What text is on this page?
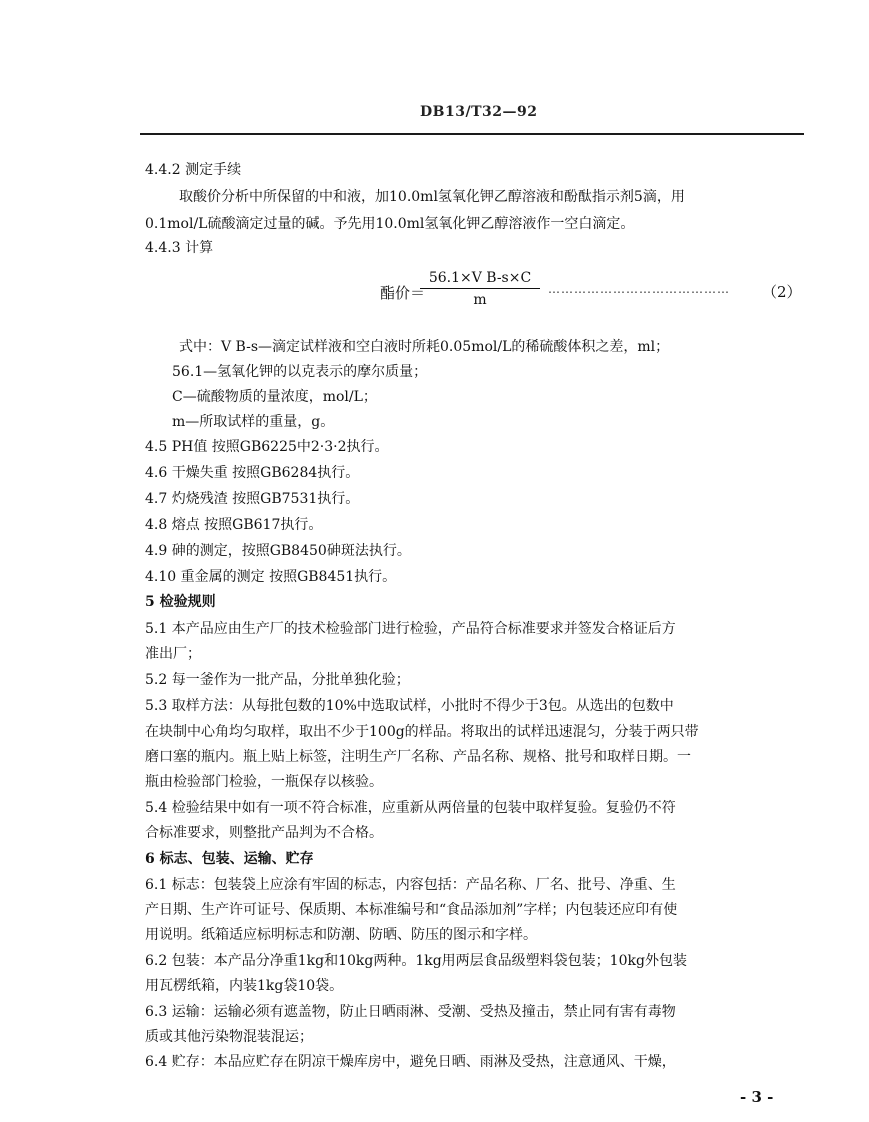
DB13/T32—92
4.4.2 测定手续
取酸价分析中所保留的中和液，加10.0ml氢氧化钾乙醇溶液和酚酞指示剂5滴，用
0.1mol/L硫酸滴定过量的碱。予先用10.0ml氢氧化钾乙醇溶液作一空白滴定。
4.4.3 计算
酯价＝
$\frac{\text{56.1×V B-s×C}}{m}$ ……………………………………	（2）
式中：V B-s—滴定试样液和空白液时所耗0.05mol/L的稀硫酸体积之差，ml；
56.1—氢氧化钾的以克表示的摩尔质量；
C—硫酸物质的量浓度，mol/L；
m—所取试样的重量，g。
4.5 PH值 按照GB6225中2·3·2执行。
4.6 干燥失重 按照GB6284执行。
4.7 灼烧残渣 按照GB7531执行。
4.8 熔点 按照GB617执行。
4.9 砷的测定，按照GB8450砷斑法执行。
4.10 重金属的测定 按照GB8451执行。
5 检验规则
5.1 本产品应由生产厂的技术检验部门进行检验，产品符合标准要求并签发合格证后方
准出厂；
5.2 每一釜作为一批产品，分批单独化验；
5.3 取样方法：从每批包数的10%中选取试样，小批时不得少于3包。从选出的包数中
在块制中心角均匀取样，取出不少于100g的样品。将取出的试样迅速混匀，分装于两只带
磨口塞的瓶内。瓶上贴上标签，注明生产厂名称、产品名称、规格、批号和取样日期。一
瓶由检验部门检验，一瓶保存以核验。
5.4 检验结果中如有一项不符合标准，应重新从两倍量的包装中取样复验。复验仍不符
合标准要求，则整批产品判为不合格。
6 标志、包装、运输、贮存
6.1 标志：包装袋上应涂有牢固的标志，内容包括：产品名称、厂名、批号、净重、生
产日期、生产许可证号、保质期、本标准编号和“食品添加剂”字样；内包装还应印有使
用说明。纸箱适应标明标志和防潮、防晒、防压的图示和字样。
6.2 包装：本产品分净重1kg和10kg两种。1kg用两层食品级塑料袋包装；10kg外包装
用瓦楞纸箱，内装1kg袋10袋。
6.3 运输：运输必须有遮盖物，防止日晒雨淋、受潮、受热及撞击，禁止同有害有毒物
质或其他污染物混装混运；
6.4 贮存：本品应贮存在阴凉干燥库房中，避免日晒、雨淋及受热，注意通风、干燥，
- 3 -
